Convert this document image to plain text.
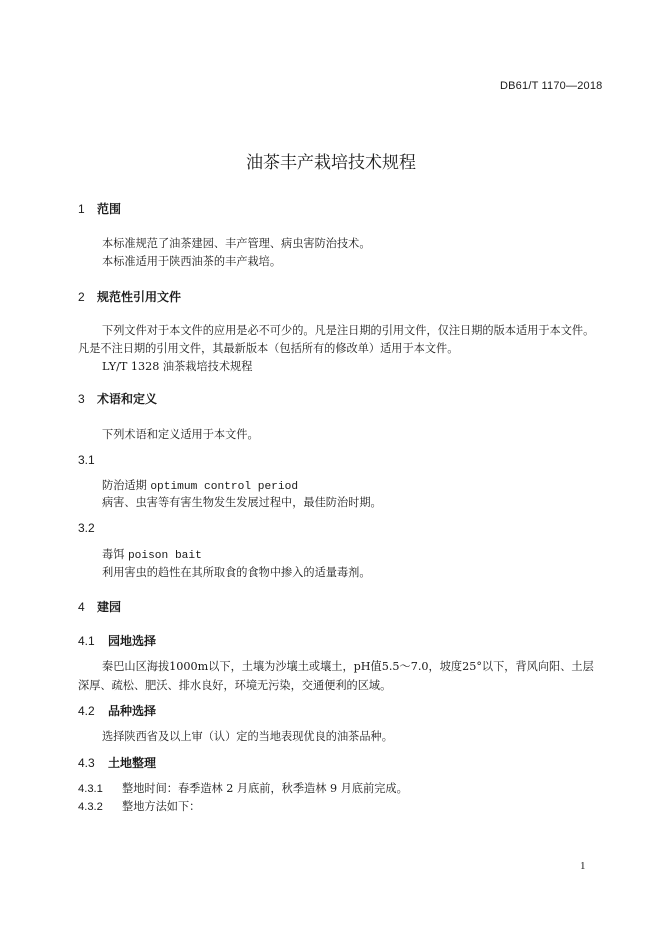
DB61/T 1170—2018
油茶丰产栽培技术规程
1 范围
本标准规范了油茶建园、丰产管理、病虫害防治技术。
本标准适用于陕西油茶的丰产栽培。
2 规范性引用文件
下列文件对于本文件的应用是必不可少的。凡是注日期的引用文件，仅注日期的版本适用于本文件。
凡是不注日期的引用文件，其最新版本（包括所有的修改单）适用于本文件。
LY/T 1328 油茶栽培技术规程
3 术语和定义
下列术语和定义适用于本文件。
3.1
防治适期 optimum control period
病害、虫害等有害生物发生发展过程中，最佳防治时期。
3.2
毒饵 poison bait
利用害虫的趋性在其所取食的食物中掺入的适量毒剂。
4 建园
4.1 园地选择
秦巴山区海拔1000m以下，土壤为沙壤土或壤土，pH值5.5～7.0，坡度25°以下，背风向阳、土层
深厚、疏松、肥沃、排水良好，环境无污染，交通便利的区域。
4.2 品种选择
选择陕西省及以上审（认）定的当地表现优良的油茶品种。
4.3 土地整理
4.3.1 整地时间：春季造林 2 月底前，秋季造林 9 月底前完成。
4.3.2 整地方法如下：
1
